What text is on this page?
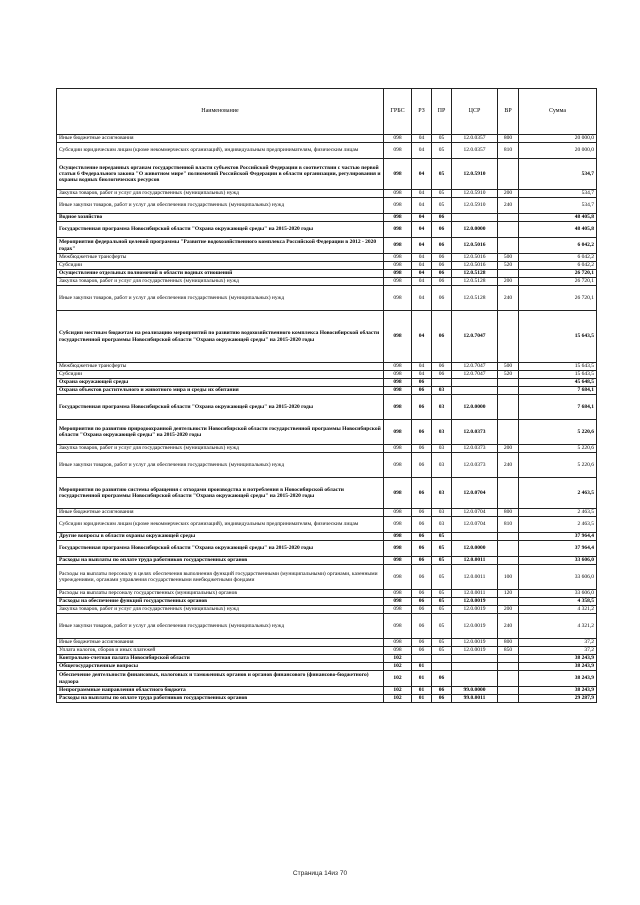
Наименование	ГРБС	РЗ	ПР	ЦСР	ВР	Сумма
Иные бюджетные ассигнования	098	04	05	12.0.0357	800	20 000,0
Субсидии юридическим лицам (кроме некоммерческих организаций), индивидуальным предпринимателям, физическим лицам	098	04	05	12.0.0357	810	20 000,0
Осуществление переданных органам государственной власти субъектов Российской Федерации в соответствии с частью первой статьи 6 Федерального закона "О животном мире" полномочий Российской Федерации в области организации, регулирования и охраны водных биологических ресурсов	098	04	05	12.0.5910		534,7
Закупка товаров, работ и услуг для государственных (муниципальных) нужд	098	04	05	12.0.5910	200	534,7
Иные закупки товаров, работ и услуг для обеспечения государственных (муниципальных) нужд	098	04	05	12.0.5910	240	534,7
Водное хозяйство	098	04	06			48 405,8
Государственная программа Новосибирской области "Охрана окружающей среды" на 2015-2020 годы	098	04	06	12.0.0000		48 405,8
Мероприятия федеральной целевой программы "Развитие водохозяйственного комплекса Российской Федерации в 2012 - 2020 годах"	098	04	06	12.0.5016		6 042,2
Межбюджетные трансферты	098	04	06	12.0.5016	500	6 042,2
Субсидии	098	04	06	12.0.5016	520	6 042,2
Осуществление отдельных полномочий в области водных отношений	098	04	06	12.0.5128		26 720,1
Закупка товаров, работ и услуг для государственных (муниципальных) нужд	098	04	06	12.0.5128	200	26 720,1
Иные закупки товаров, работ и услуг для обеспечения государственных (муниципальных) нужд	098	04	06	12.0.5128	240	26 720,1
Субсидии местным бюджетам на реализацию мероприятий по развитию водохозяйственного комплекса Новосибирской области государственной программы Новосибирской области "Охрана окружающей среды" на 2015-2020 годы	098	04	06	12.0.7047		15 643,5
Межбюджетные трансферты	098	04	06	12.0.7047	500	15 643,5
Субсидии	098	04	06	12.0.7047	520	15 643,5
Охрана окружающей среды	098	06				45 648,5
Охрана объектов растительного и животного мира и среды их обитания	098	06	03			7 684,1
Государственная программа Новосибирской области "Охрана окружающей среды" на 2015-2020 годы	098	06	03	12.0.0000		7 684,1
Мероприятия по развитию природоохранной деятельности Новосибирской области государственной программы Новосибирской области "Охрана окружающей среды" на 2015-2020 годы	098	06	03	12.0.0373		5 220,6
Закупка товаров, работ и услуг для государственных (муниципальных) нужд	098	06	03	12.0.0373	200	5 220,6
Иные закупки товаров, работ и услуг для обеспечения государственных (муниципальных) нужд	098	06	03	12.0.0373	240	5 220,6
Мероприятия по развитию системы обращения с отходами производства и потребления в Новосибирской области государственной программы Новосибирской области "Охрана окружающей среды" на 2015-2020 годы	098	06	03	12.0.0704		2 463,5
Иные бюджетные ассигнования	098	06	03	12.0.0704	800	2 463,5
Субсидии юридическим лицам (кроме некоммерческих организаций), индивидуальным предпринимателям, физическим лицам	098	06	03	12.0.0704	810	2 463,5
Другие вопросы в области охраны окружающей среды	098	06	05			37 964,4
Государственная программа Новосибирской области "Охрана окружающей среды" на 2015-2020 годы	098	06	05	12.0.0000		37 964,4
Расходы на выплаты по оплате труда работников государственных органов	098	06	05	12.0.0011		33 606,0
Расходы на выплаты персоналу в целях обеспечения выполнения функций государственными (муниципальными) органами, казенными учреждениями, органами управления государственными внебюджетными фондами	098	06	05	12.0.0011	100	33 606,0
Расходы на выплаты персоналу государственных (муниципальных) органов	098	06	05	12.0.0011	120	33 606,0
Расходы на обеспечение функций государственных органов	098	06	05	12.0.0019		4 358,5
Закупка товаров, работ и услуг для государственных (муниципальных) нужд	098	06	05	12.0.0019	200	4 321,2
Иные закупки товаров, работ и услуг для обеспечения государственных (муниципальных) нужд	098	06	05	12.0.0019	240	4 321,2
Иные бюджетные ассигнования	098	06	05	12.0.0019	800	37,2
Уплата налогов, сборов и иных платежей	098	06	05	12.0.0019	850	37,2
Контрольно-счетная палата Новосибирской области	102					38 243,9
Общегосударственные вопросы	102	01				38 243,9
Обеспечение деятельности финансовых, налоговых и таможенных органов и органов финансового (финансово-бюджетного) надзора	102	01	06			38 243,9
Непрограммные направления областного бюджета	102	01	06	99.0.0000		38 243,9
Расходы на выплаты по оплате труда работников государственных органов	102	01	06	99.0.0011		29 287,9
Страница 14из 70
